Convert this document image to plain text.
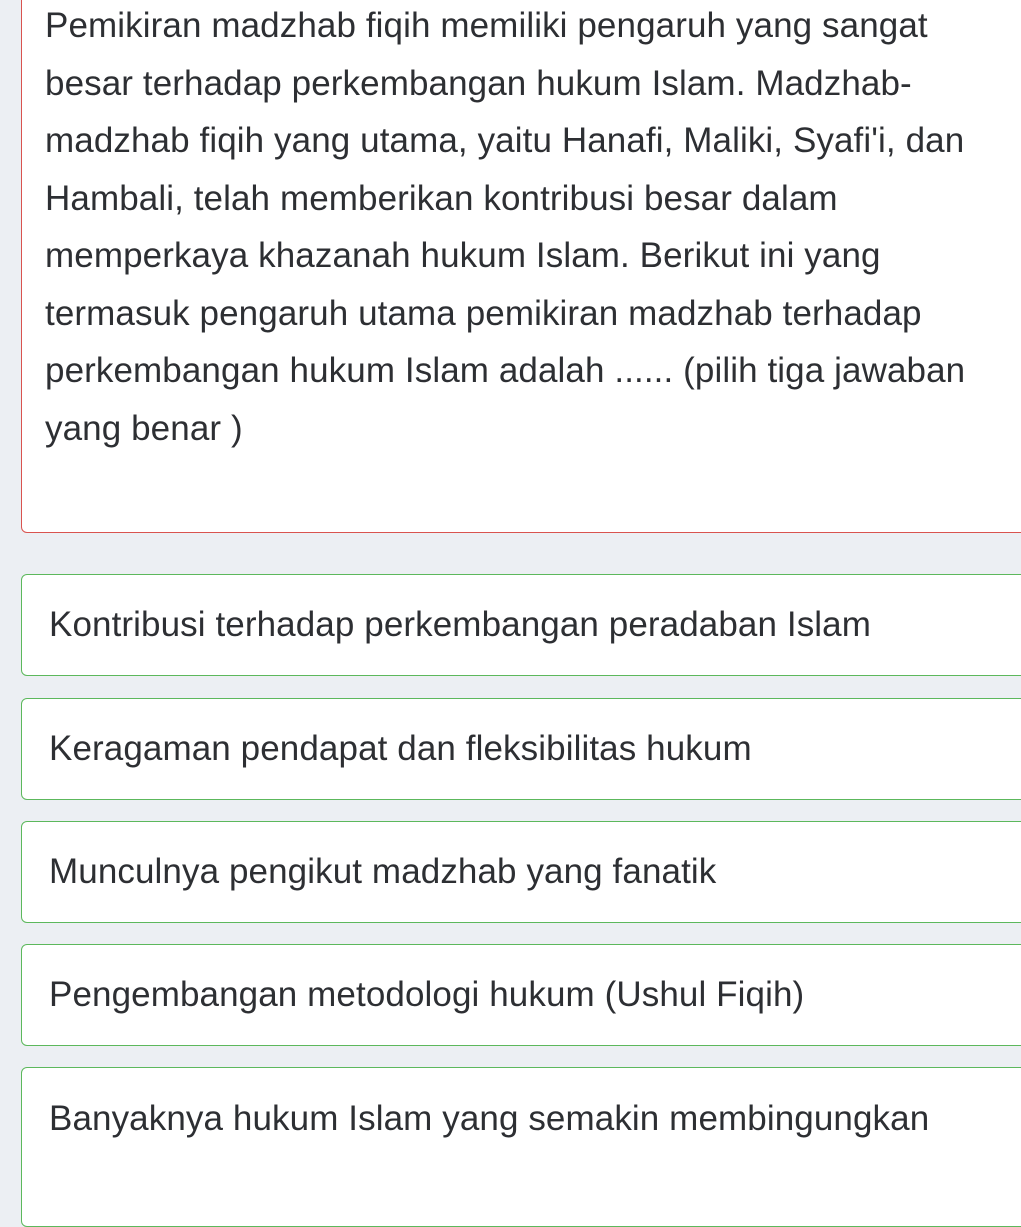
Pemikiran madzhab fiqih memiliki pengaruh yang sangat besar terhadap perkembangan hukum Islam. Madzhab-madzhab fiqih yang utama, yaitu Hanafi, Maliki, Syafi'i, dan Hambali, telah memberikan kontribusi besar dalam memperkaya khazanah hukum Islam. Berikut ini yang termasuk pengaruh utama pemikiran madzhab terhadap perkembangan hukum Islam adalah ...... (pilih tiga jawaban yang benar )

Kontribusi terhadap perkembangan peradaban Islam
Keragaman pendapat dan fleksibilitas hukum
Munculnya pengikut madzhab yang fanatik
Pengembangan metodologi hukum (Ushul Fiqih)
Banyaknya hukum Islam yang semakin membingungkan
